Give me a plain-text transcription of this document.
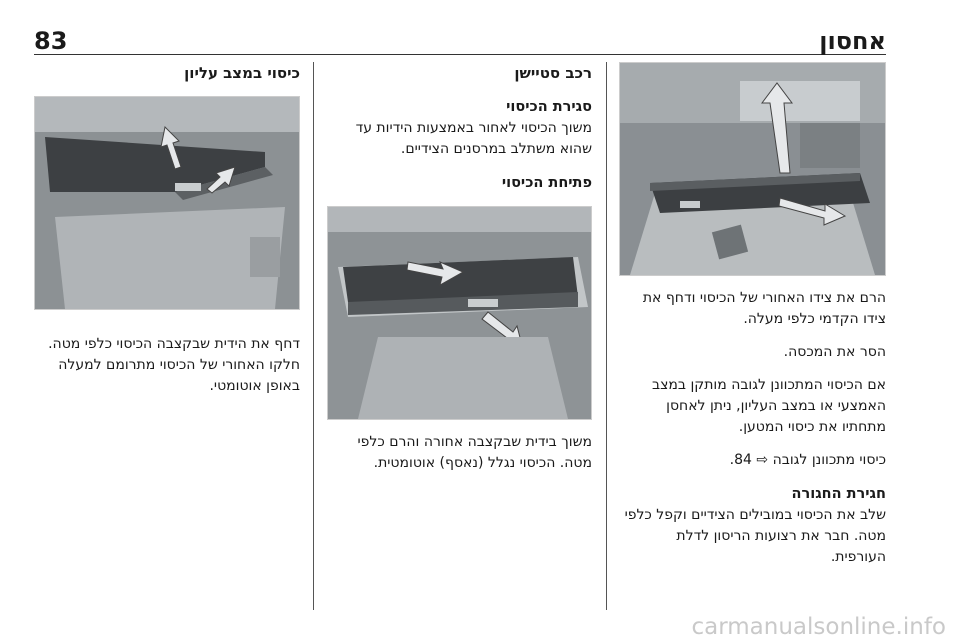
83	אחסון

הרם את צידו האחורי של הכיסוי ודחף את צידו הקדמי כלפי מעלה.

הסר את המכסה.

אם הכיסוי המתכוונן לגובה מותקן במצב האמצעי או במצב העליון, ניתן לאחסן מתחתיו את כיסוי המטען.

כיסוי מתכוונן לגובה ⇨ 84.

חגירת החגורה

שלב את הכיסוי במובילים הצידיים וקפל כלפי מטה. חבר את רצועות הריסון לדלת העורפית.

רכב סטיישן

סגירת הכיסוי

משוך הכיסוי לאחור באמצעות הידיות עד שהוא משתלב במרסנים הצידיים.

פתיחת הכיסוי

משוך בידית שבקצבה אחורה והרם כלפי מטה. הכיסוי נגלל (נאסף) אוטומטית.

כיסוי במצב עליון

דחף את הידית שבקצבה הכיסוי כלפי מטה. חלקו האחורי של הכיסוי מתרומם למעלה באופן אוטומטי.

carmanualsonline.info
